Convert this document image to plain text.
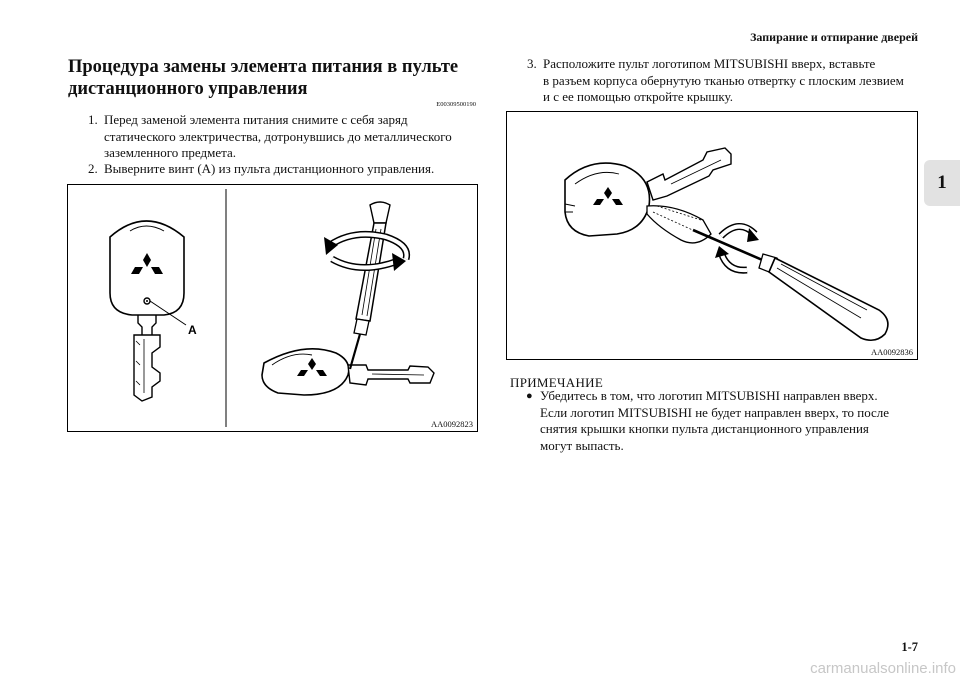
Запирание и отпирание дверей
1
Процедура замены элемента питания в пульте дистанционного управления
E00309500190
1. Перед заменой элемента питания снимите с себя заряд
статического электричества, дотронувшись до металлического
заземленного предмета.
2. Выверните винт (A) из пульта дистанционного управления.
A
AA0092823
3. Расположите пульт логотипом MITSUBISHI вверх, вставьте
в разъем корпуса обернутую тканью отвертку с плоским лезвием
и с ее помощью откройте крышку.
AA0092836
ПРИМЕЧАНИЕ
● Убедитесь в том, что логотип MITSUBISHI направлен вверх.
Если логотип MITSUBISHI не будет направлен вверх, то после
снятия крышки кнопки пульта дистанционного управления
могут выпасть.
1-7
carmanualsonline.info
